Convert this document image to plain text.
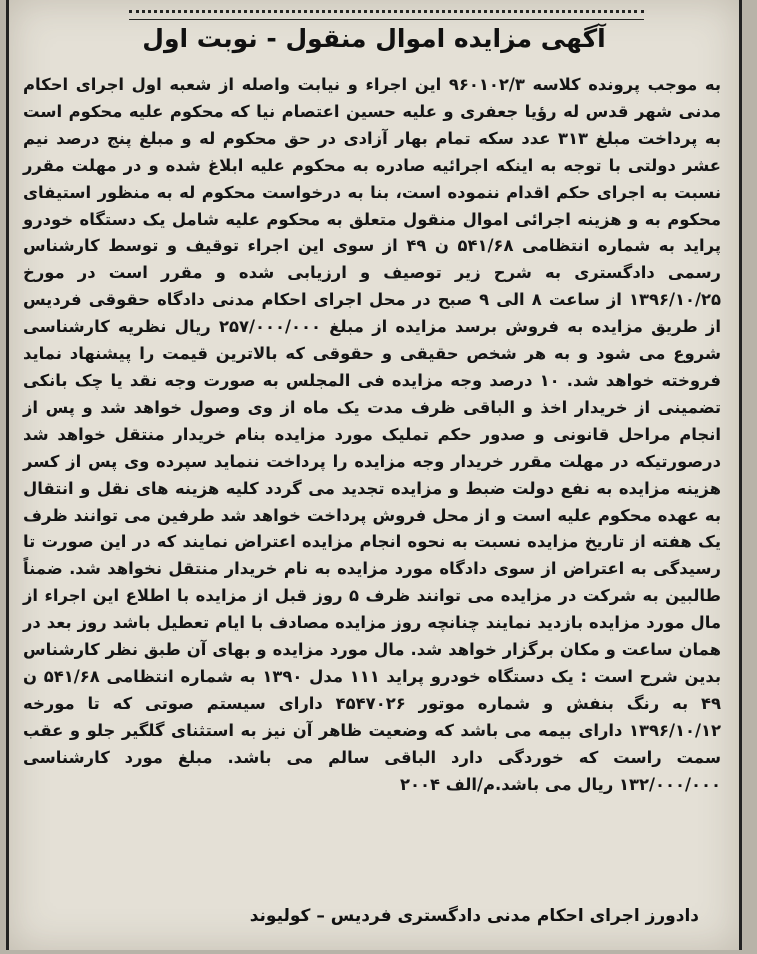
آگهی مزایده اموال منقول - نوبت اول
به موجب پرونده کلاسه ۹۶۰۱۰۲/۳ این اجراء و نیابت واصله از شعبه اول اجرای احکام مدنی شهر قدس له رؤیا جعفری و علیه حسین اعتصام نیا که محکوم علیه محکوم است به پرداخت مبلغ ۳۱۳ عدد سکه تمام بهار آزادی در حق محکوم له و مبلغ پنج درصد نیم عشر دولتی با توجه به اینکه اجرائیه صادره به محکوم علیه ابلاغ شده و در مهلت مقرر نسبت به اجرای حکم اقدام ننموده است، بنا به درخواست محکوم له به منظور استیفای محکوم به و هزینه اجرائی اموال منقول متعلق به محکوم علیه شامل یک دستگاه خودرو پراید به شماره انتظامی ۵۴۱/۶۸ ن ۴۹ از سوی این اجراء توقیف و توسط کارشناس رسمی دادگستری به شرح زیر توصیف و ارزیابی شده و مقرر است در مورخ ۱۳۹۶/۱۰/۲۵ از ساعت ۸ الی ۹ صبح در محل اجرای احکام مدنی دادگاه حقوقی فردیس از طریق مزایده به فروش برسد مزایده از مبلغ ۲۵۷/۰۰۰/۰۰۰ ریال نظریه کارشناسی شروع می شود و به هر شخص حقیقی و حقوقی که بالاترین قیمت را پیشنهاد نماید فروخته خواهد شد. ۱۰ درصد وجه مزایده فی المجلس به صورت وجه نقد یا چک بانکی تضمینی از خریدار اخذ و الباقی ظرف مدت یک ماه از وی وصول خواهد شد و پس از انجام مراحل قانونی و صدور حکم تملیک مورد مزایده بنام خریدار منتقل خواهد شد درصورتیکه در مهلت مقرر خریدار وجه مزایده را پرداخت ننماید سپرده وی پس از کسر هزینه مزایده به نفع دولت ضبط و مزایده تجدید می گردد کلیه هزینه های نقل و انتقال به عهده محکوم علیه است و از محل فروش پرداخت خواهد شد طرفین می توانند ظرف یک هفته از تاریخ مزایده نسبت به نحوه انجام مزایده اعتراض نمایند که در این صورت تا رسیدگی به اعتراض از سوی دادگاه مورد مزایده به نام خریدار منتقل نخواهد شد. ضمناً طالبین به شرکت در مزایده می توانند ظرف ۵ روز قبل از مزایده با اطلاع این اجراء از مال مورد مزایده بازدید نمایند چنانچه روز مزایده مصادف با ایام تعطیل باشد روز بعد در همان ساعت و مکان برگزار خواهد شد. مال مورد مزایده و بهای آن طبق نظر کارشناس بدین شرح است : یک دستگاه خودرو پراید ۱۱۱ مدل ۱۳۹۰ به شماره انتظامی ۵۴۱/۶۸ ن ۴۹ به رنگ بنفش و شماره موتور ۴۵۴۷۰۲۶ دارای سیستم صوتی که تا مورخه ۱۳۹۶/۱۰/۱۲ دارای بیمه می باشد که وضعیت ظاهر آن نیز به استثنای گلگیر جلو و عقب سمت راست که خوردگی دارد الباقی سالم می باشد. مبلغ مورد کارشناسی ۱۳۲/۰۰۰/۰۰۰ ریال می باشد.م/الف ۲۰۰۴
دادورز اجرای احکام مدنی دادگستری فردیس – کولیوند
